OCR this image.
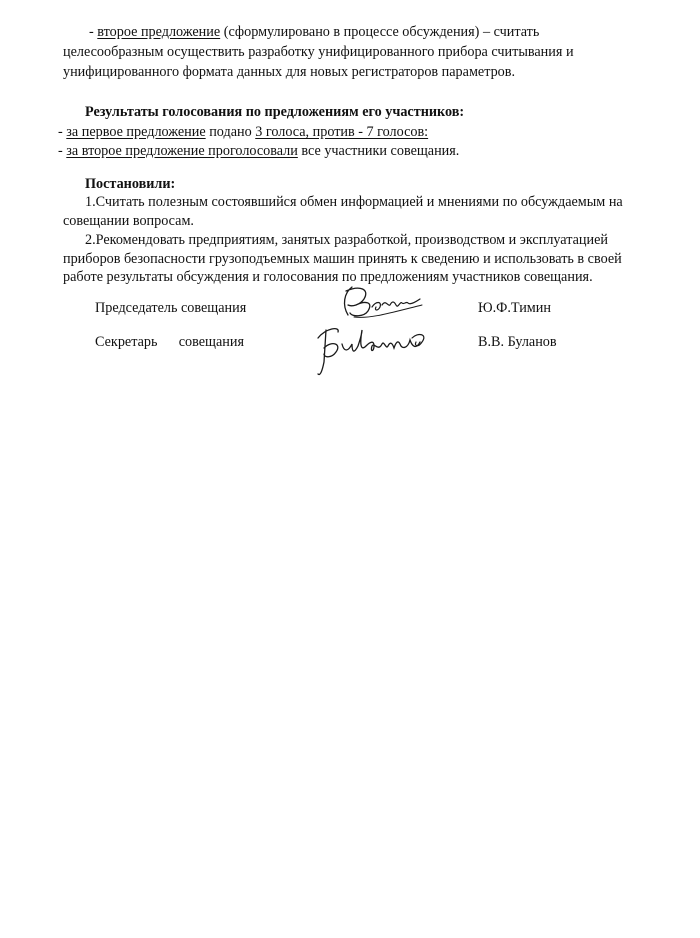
- второе предложение (сформулировано в процессе обсуждения) – считать

целесообразным осуществить разработку унифицированного прибора считывания и

унифицированного формата данных для новых регистраторов параметров.

Результаты голосования по предложениям его участников:

- за первое предложение подано 3 голоса, против - 7 голосов:

- за второе предложение проголосовали все участники совещания.

Постановили:

1.Считать полезным состоявшийся обмен информацией и мнениями по обсуждаемым на

совещании вопросам.

2.Рекомендовать предприятиям, занятых разработкой, производством и эксплуатацией

приборов безопасности грузоподъемных машин принять к сведению и использовать в своей

работе результаты обсуждения и голосования по предложениям участников совещания.

Председатель совещания	Ю.Ф.Тимин

Секретарь      совещания	В.В. Буланов
